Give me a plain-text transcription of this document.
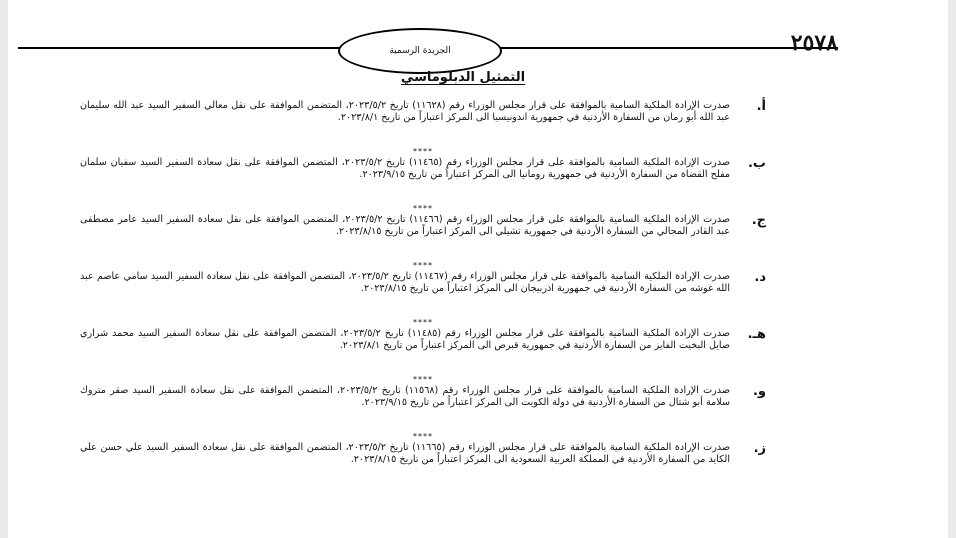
الجريدة الرسمية	٢٥٧٨
التمثيل الدبلوماسي
أ.
صدرت الإرادة الملكية السامية بالموافقة على قرار مجلس الوزراء رقم (١١٦٢٨) تاريخ ٢٠٢٣/٥/٢، المتضمن الموافقة على نقل معالي السفير السيد عبد الله سليمان عبد الله أبو رمان من السفارة الأردنية في جمهورية اندونيسيا الى المركز اعتباراً من تاريخ ٢٠٢٣/٨/١.
****
ب.
صدرت الإرادة الملكية السامية بالموافقة على قرار مجلس الوزراء رقم (١١٤٦٥) تاريخ ٢٠٢٣/٥/٢، المتضمن الموافقة على نقل سعادة السفير السيد سفيان سلمان مفلح القضاة من السفارة الأردنية في جمهورية رومانيا الى المركز اعتباراً من تاريخ ٢٠٢٣/٩/١٥.
****
ج.
صدرت الإرادة الملكية السامية بالموافقة على قرار مجلس الوزراء رقم (١١٤٦٦) تاريخ ٢٠٢٣/٥/٢، المتضمن الموافقة على نقل سعادة السفير السيد عامر مصطفى عبد القادر المجالي من السفارة الأردنية في جمهورية تشيلي الى المركز اعتباراً من تاريخ ٢٠٢٣/٨/١٥.
****
د.
صدرت الإرادة الملكية السامية بالموافقة على قرار مجلس الوزراء رقم (١١٤٦٧) تاريخ ٢٠٢٣/٥/٢، المتضمن الموافقة على نقل سعادة السفير السيد سامي عاصم عبد الله غوشه من السفارة الأردنية في جمهورية اذربيجان الى المركز اعتباراً من تاريخ ٢٠٢٣/٨/١٥.
****
هـ.
صدرت الإرادة الملكية السامية بالموافقة على قرار مجلس الوزراء رقم (١١٤٨٥) تاريخ ٢٠٢٣/٥/٢، المتضمن الموافقة على نقل سعادة السفير السيد محمد شراري صايل البخيت الفايز من السفارة الأردنية في جمهورية قبرص الى المركز اعتباراً من تاريخ ٢٠٢٣/٨/١.
****
و.
صدرت الإرادة الملكية السامية بالموافقة على قرار مجلس الوزراء رقم (١١٥٦٨) تاريخ ٢٠٢٣/٥/٢، المتضمن الموافقة على نقل سعادة السفير السيد صقر متروك سلامة أبو شتال من السفارة الأردنية في دولة الكويت الى المركز اعتباراً من تاريخ ٢٠٢٣/٩/١٥.
****
ز.
صدرت الإرادة الملكية السامية بالموافقة على قرار مجلس الوزراء رقم (١١٦٦٥) تاريخ ٢٠٢٣/٥/٢، المتضمن الموافقة على نقل سعادة السفير السيد علي حسن علي الكايد من السفارة الأردنية في المملكة العربية السعودية الى المركز اعتباراً من تاريخ ٢٠٢٣/٨/١٥.
